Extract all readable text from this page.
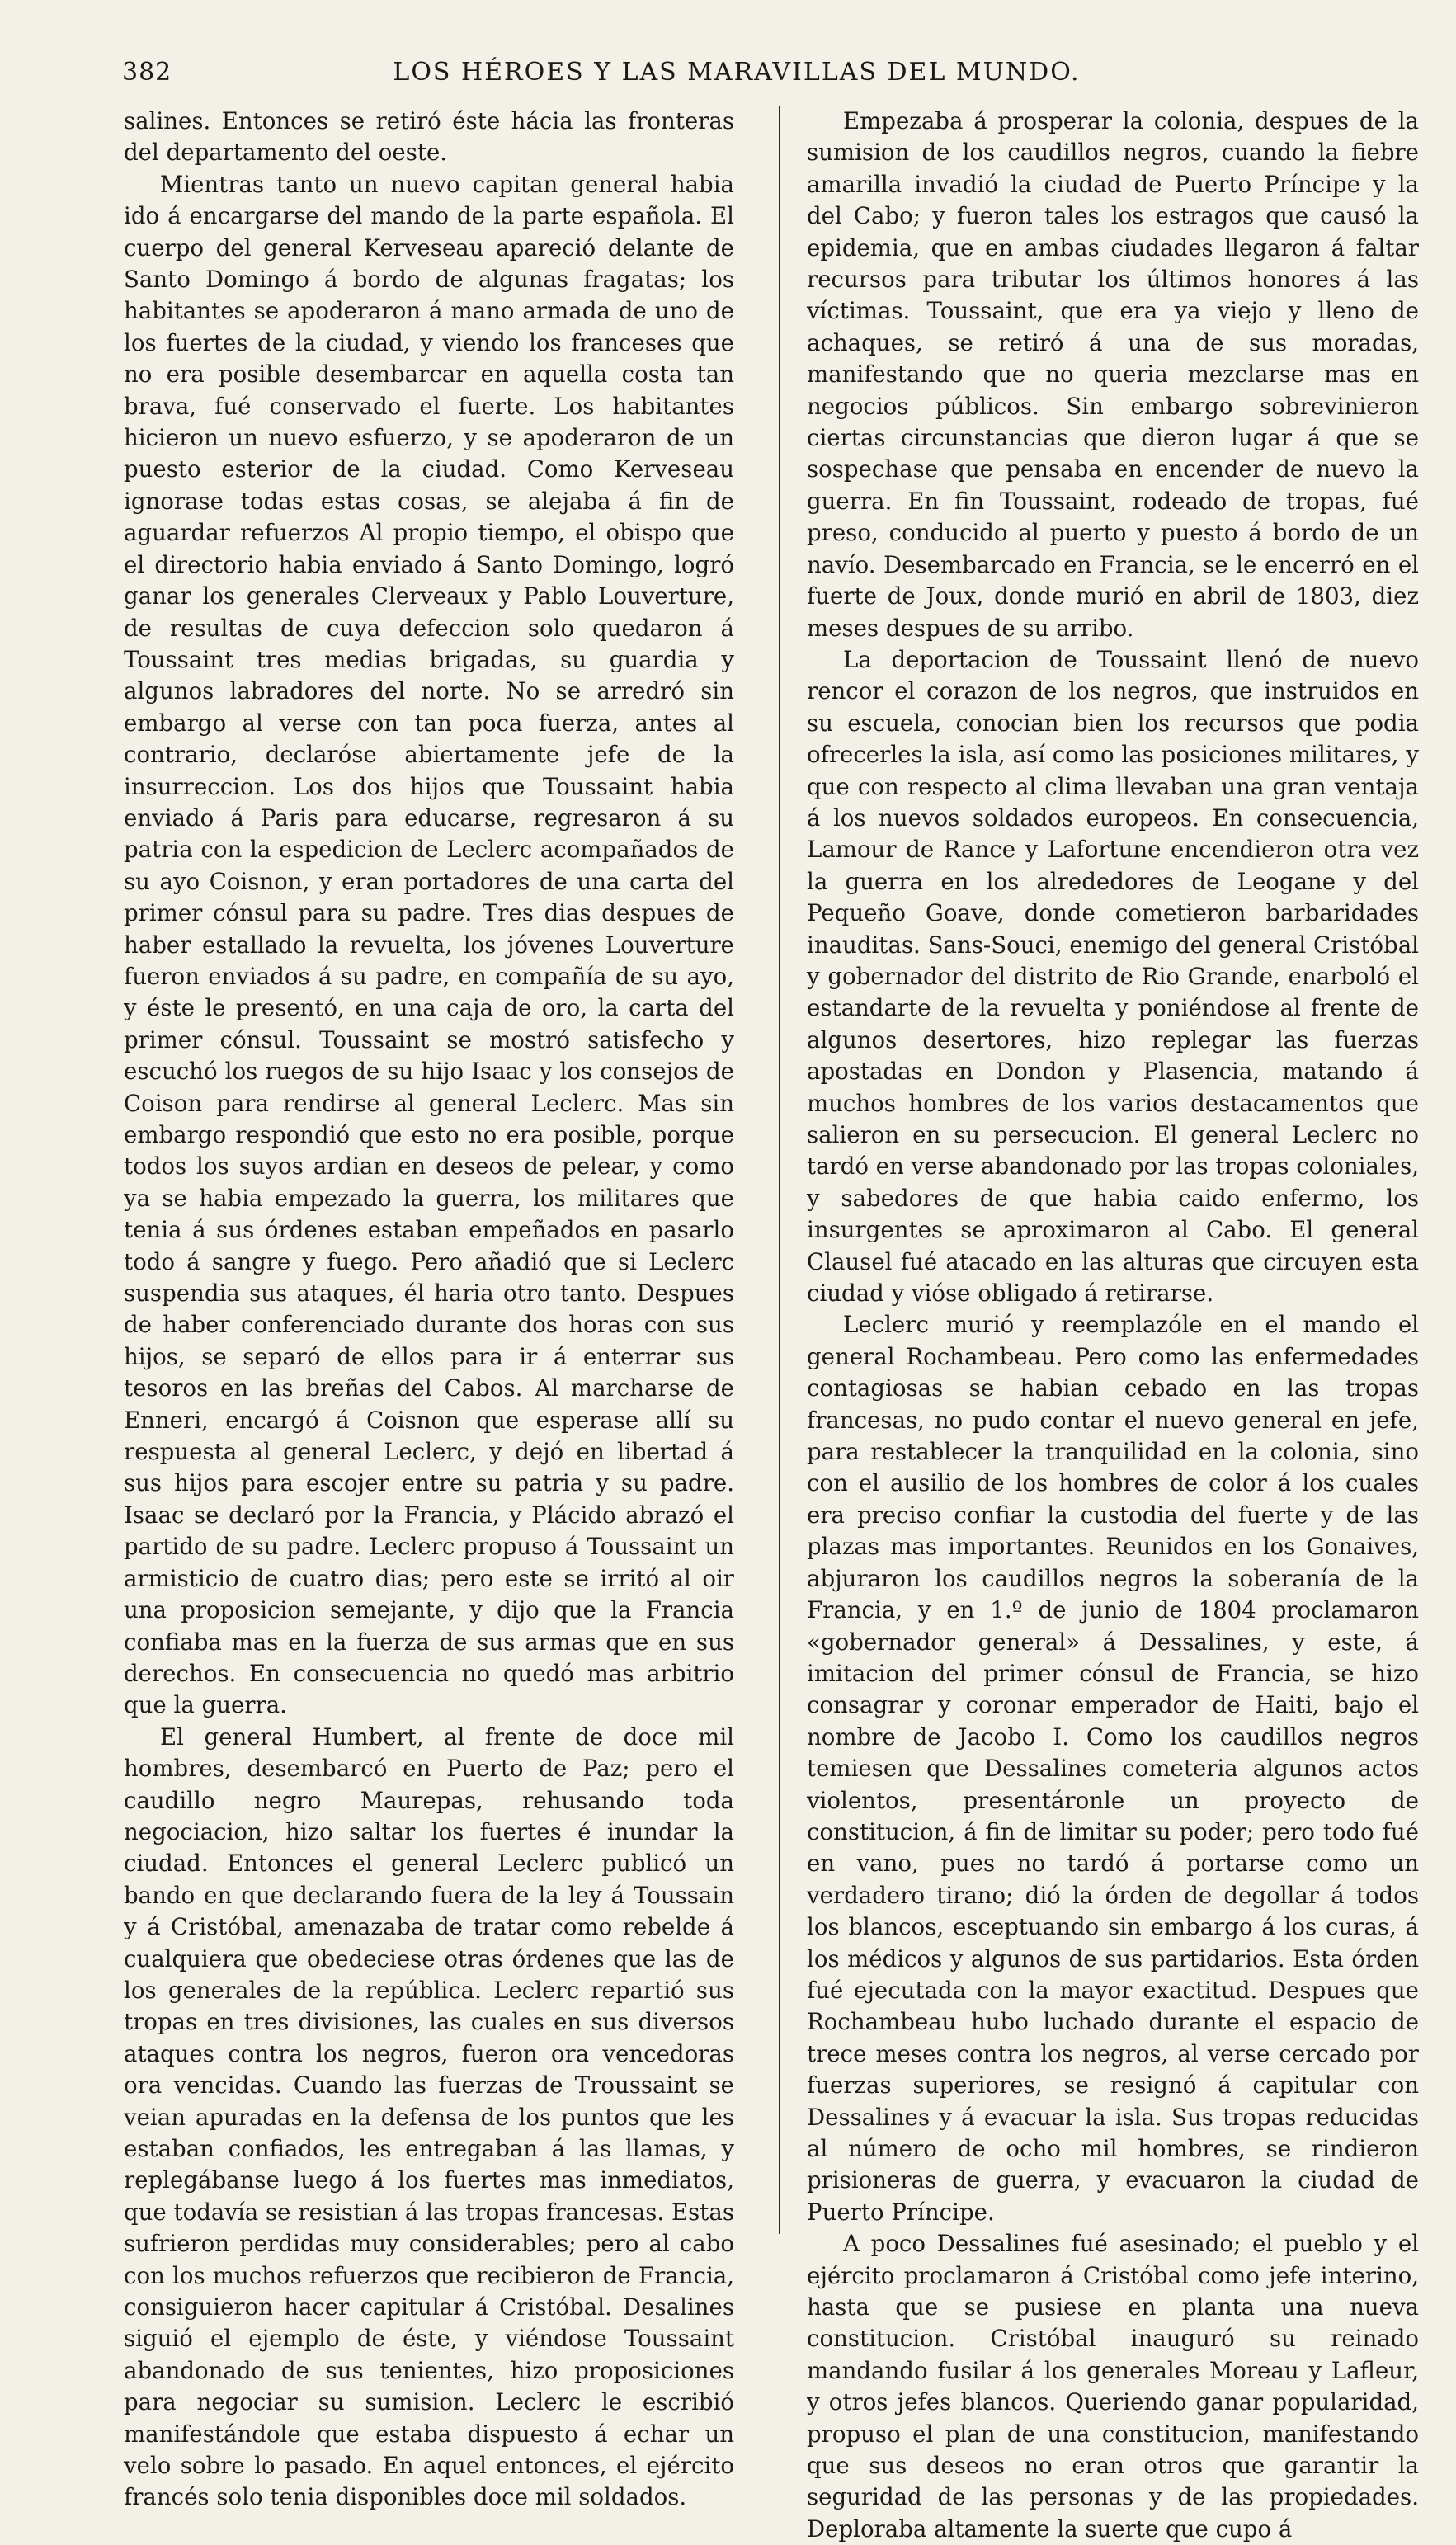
382	LOS HÉROES Y LAS MARAVILLAS DEL MUNDO.

salines. Entonces se retiró éste hácia las fronteras del departamento del oeste.

Mientras tanto un nuevo capitan general habia ido á encargarse del mando de la parte española. El cuerpo del general Kerveseau apareció delante de Santo Domingo á bordo de algunas fragatas; los habitantes se apoderaron á mano armada de uno de los fuertes de la ciudad, y viendo los franceses que no era posible desembarcar en aquella costa tan brava, fué conservado el fuerte. Los habitantes hicieron un nuevo esfuerzo, y se apoderaron de un puesto esterior de la ciudad. Como Kerveseau ignorase todas estas cosas, se alejaba á fin de aguardar refuerzos Al propio tiempo, el obispo que el directorio habia enviado á Santo Domingo, logró ganar los generales Clerveaux y Pablo Louverture, de resultas de cuya defeccion solo quedaron á Toussaint tres medias brigadas, su guardia y algunos labradores del norte. No se arredró sin embargo al verse con tan poca fuerza, antes al contrario, declaróse abiertamente jefe de la insurreccion. Los dos hijos que Toussaint habia enviado á Paris para educarse, regresaron á su patria con la espedicion de Leclerc acompañados de su ayo Coisnon, y eran portadores de una carta del primer cónsul para su padre. Tres dias despues de haber estallado la revuelta, los jóvenes Louverture fueron enviados á su padre, en compañía de su ayo, y éste le presentó, en una caja de oro, la carta del primer cónsul. Toussaint se mostró satisfecho y escuchó los ruegos de su hijo Isaac y los consejos de Coison para rendirse al general Leclerc. Mas sin embargo respondió que esto no era posible, porque todos los suyos ardian en deseos de pelear, y como ya se habia empezado la guerra, los militares que tenia á sus órdenes estaban empeñados en pasarlo todo á sangre y fuego. Pero añadió que si Leclerc suspendia sus ataques, él haria otro tanto. Despues de haber conferenciado durante dos horas con sus hijos, se separó de ellos para ir á enterrar sus tesoros en las breñas del Cabos. Al marcharse de Enneri, encargó á Coisnon que esperase allí su respuesta al general Leclerc, y dejó en libertad á sus hijos para escojer entre su patria y su padre. Isaac se declaró por la Francia, y Plácido abrazó el partido de su padre. Leclerc propuso á Toussaint un armisticio de cuatro dias; pero este se irritó al oir una proposicion semejante, y dijo que la Francia confiaba mas en la fuerza de sus armas que en sus derechos. En consecuencia no quedó mas arbitrio que la guerra.

El general Humbert, al frente de doce mil hombres, desembarcó en Puerto de Paz; pero el caudillo negro Maurepas, rehusando toda negociacion, hizo saltar los fuertes é inundar la ciudad. Entonces el general Leclerc publicó un bando en que declarando fuera de la ley á Toussain y á Cristóbal, amenazaba de tratar como rebelde á cualquiera que obedeciese otras órdenes que las de los generales de la república. Leclerc repartió sus tropas en tres divisiones, las cuales en sus diversos ataques contra los negros, fueron ora vencedoras ora vencidas. Cuando las fuerzas de Troussaint se veian apuradas en la defensa de los puntos que les estaban confiados, les entregaban á las llamas, y replegábanse luego á los fuertes mas inmediatos, que todavía se resistian á las tropas francesas. Estas sufrieron perdidas muy considerables; pero al cabo con los muchos refuerzos que recibieron de Francia, consiguieron hacer capitular á Cristóbal. Desalines siguió el ejemplo de éste, y viéndose Toussaint abandonado de sus tenientes, hizo proposiciones para negociar su sumision. Leclerc le escribió manifestándole que estaba dispuesto á echar un velo sobre lo pasado. En aquel entonces, el ejército francés solo tenia disponibles doce mil soldados.

Empezaba á prosperar la colonia, despues de la sumision de los caudillos negros, cuando la fiebre amarilla invadió la ciudad de Puerto Príncipe y la del Cabo; y fueron tales los estragos que causó la epidemia, que en ambas ciudades llegaron á faltar recursos para tributar los últimos honores á las víctimas. Toussaint, que era ya viejo y lleno de achaques, se retiró á una de sus moradas, manifestando que no queria mezclarse mas en negocios públicos. Sin embargo sobrevinieron ciertas circunstancias que dieron lugar á que se sospechase que pensaba en encender de nuevo la guerra. En fin Toussaint, rodeado de tropas, fué preso, conducido al puerto y puesto á bordo de un navío. Desembarcado en Francia, se le encerró en el fuerte de Joux, donde murió en abril de 1803, diez meses despues de su arribo.

La deportacion de Toussaint llenó de nuevo rencor el corazon de los negros, que instruidos en su escuela, conocian bien los recursos que podia ofrecerles la isla, así como las posiciones militares, y que con respecto al clima llevaban una gran ventaja á los nuevos soldados europeos. En consecuencia, Lamour de Rance y Lafortune encendieron otra vez la guerra en los alrededores de Leogane y del Pequeño Goave, donde cometieron barbaridades inauditas. Sans-Souci, enemigo del general Cristóbal y gobernador del distrito de Rio Grande, enarboló el estandarte de la revuelta y poniéndose al frente de algunos desertores, hizo replegar las fuerzas apostadas en Dondon y Plasencia, matando á muchos hombres de los varios destacamentos que salieron en su persecucion. El general Leclerc no tardó en verse abandonado por las tropas coloniales, y sabedores de que habia caido enfermo, los insurgentes se aproximaron al Cabo. El general Clausel fué atacado en las alturas que circuyen esta ciudad y vióse obligado á retirarse.

Leclerc murió y reemplazóle en el mando el general Rochambeau. Pero como las enfermedades contagiosas se habian cebado en las tropas francesas, no pudo contar el nuevo general en jefe, para restablecer la tranquilidad en la colonia, sino con el ausilio de los hombres de color á los cuales era preciso confiar la custodia del fuerte y de las plazas mas importantes. Reunidos en los Gonaives, abjuraron los caudillos negros la soberanía de la Francia, y en 1.º de junio de 1804 proclamaron «gobernador general» á Dessalines, y este, á imitacion del primer cónsul de Francia, se hizo consagrar y coronar emperador de Haiti, bajo el nombre de Jacobo I. Como los caudillos negros temiesen que Dessalines cometeria algunos actos violentos, presentáronle un proyecto de constitucion, á fin de limitar su poder; pero todo fué en vano, pues no tardó á portarse como un verdadero tirano; dió la órden de degollar á todos los blancos, esceptuando sin embargo á los curas, á los médicos y algunos de sus partidarios. Esta órden fué ejecutada con la mayor exactitud. Despues que Rochambeau hubo luchado durante el espacio de trece meses contra los negros, al verse cercado por fuerzas superiores, se resignó á capitular con Dessalines y á evacuar la isla. Sus tropas reducidas al número de ocho mil hombres, se rindieron prisioneras de guerra, y evacuaron la ciudad de Puerto Príncipe.

A poco Dessalines fué asesinado; el pueblo y el ejército proclamaron á Cristóbal como jefe interino, hasta que se pusiese en planta una nueva constitucion. Cristóbal inauguró su reinado mandando fusilar á los generales Moreau y Lafleur, y otros jefes blancos. Queriendo ganar popularidad, propuso el plan de una constitucion, manifestando que sus deseos no eran otros que garantir la seguridad de las personas y de las propiedades. Deploraba altamente la suerte que cupo á
